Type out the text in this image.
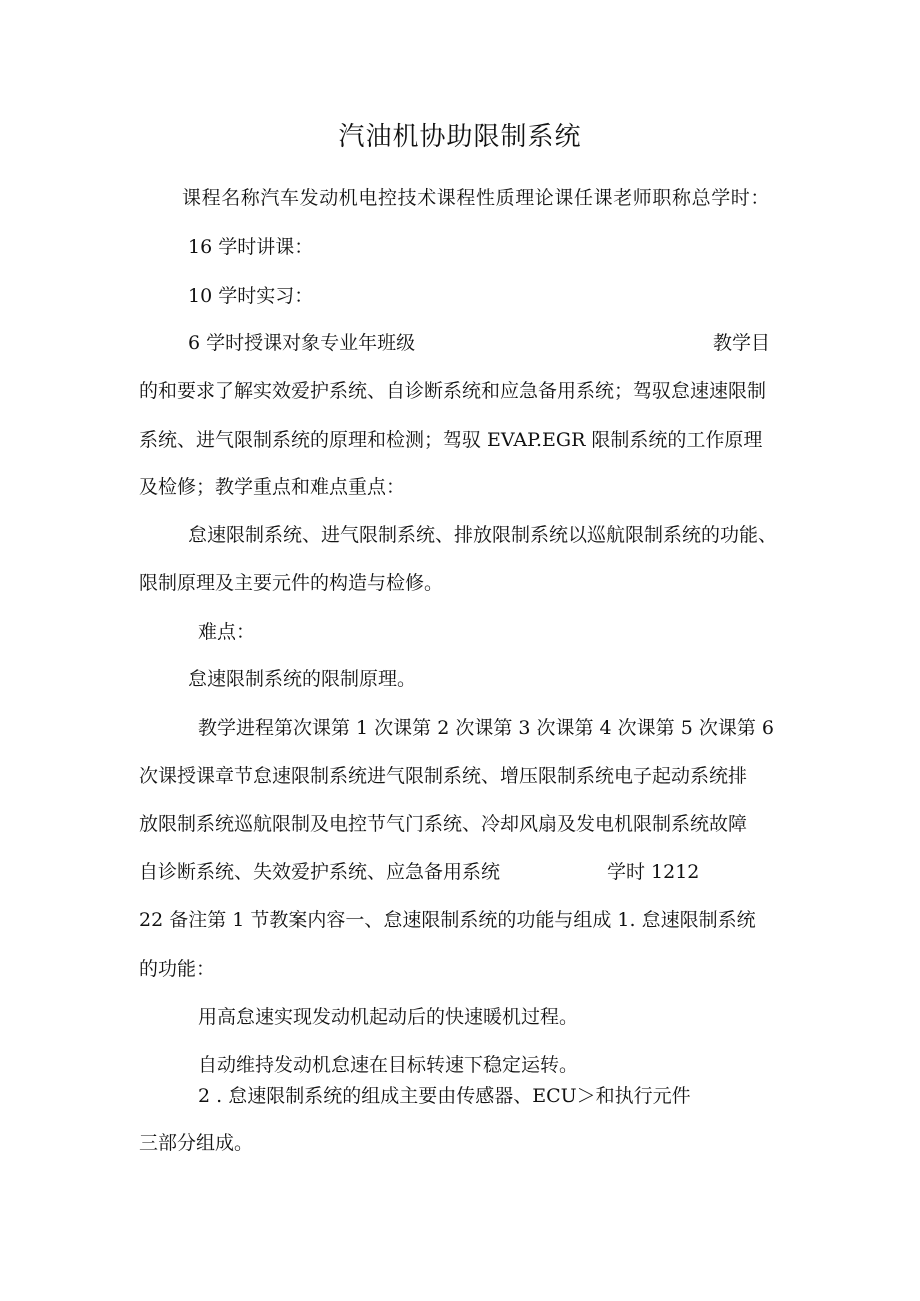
汽油机协助限制系统
课程名称汽车发动机电控技术课程性质理论课任课老师职称总学时：
16 学时讲课：
10 学时实习：
6 学时授课对象专业年班级	教学目
的和要求了解实效爱护系统、自诊断系统和应急备用系统；驾驭怠速速限制
系统、进气限制系统的原理和检测；驾驭 EVAP.EGR 限制系统的工作原理
及检修；教学重点和难点重点：
怠速限制系统、进气限制系统、排放限制系统以巡航限制系统的功能、
限制原理及主要元件的构造与检修。
难点：
怠速限制系统的限制原理。
教学进程第次课第 1 次课第 2 次课第 3 次课第 4 次课第 5 次课第 6
次课授课章节怠速限制系统进气限制系统、增压限制系统电子起动系统排
放限制系统巡航限制及电控节气门系统、冷却风扇及发电机限制系统故障
自诊断系统、失效爱护系统、应急备用系统	学时 1212
22 备注第 1 节教案内容一、怠速限制系统的功能与组成 1. 怠速限制系统
的功能：
用高怠速实现发动机起动后的快速暖机过程。
自动维持发动机怠速在目标转速下稳定运转。
2 . 怠速限制系统的组成主要由传感器、ECU＞和执行元件
三部分组成。
